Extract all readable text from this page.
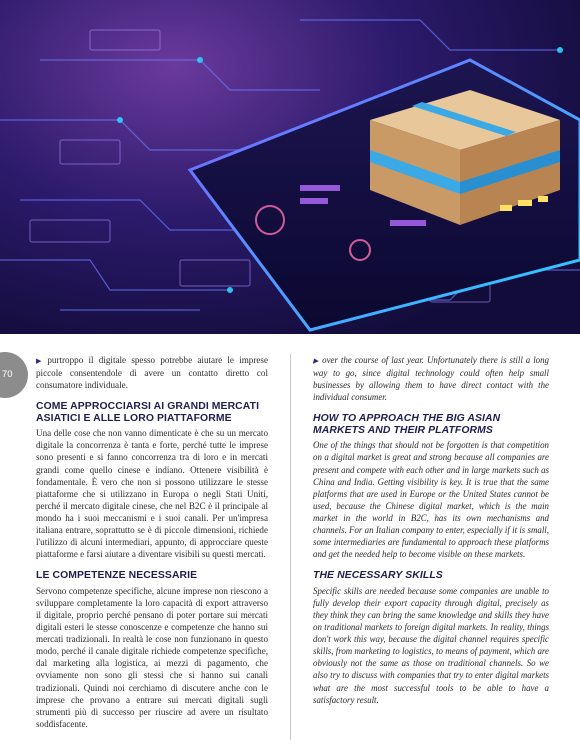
70

▶ purtroppo il digitale spesso potrebbe aiutare le imprese piccole consentendole di avere un contatto diretto col consumatore individuale.

COME APPROCCIARSI AI GRANDI MERCATI ASIATICI E ALLE LORO PIATTAFORME

Una delle cose che non vanno dimenticate è che su un mercato digitale la concorrenza è tanta e forte, perché tutte le imprese sono presenti e si fanno concorrenza tra di loro e in mercati grandi come quello cinese e indiano. Ottenere visibilità è fondamentale. È vero che non si possono utilizzare le stesse piattaforme che si utilizzano in Europa o negli Stati Uniti, perché il mercato digitale cinese, che nel B2C è il principale al mondo ha i suoi meccanismi e i suoi canali. Per un'impresa italiana entrare, soprattutto se è di piccole dimensioni, richiede l'utilizzo di alcuni intermediari, appunto, di approcciare queste piattaforme e farsi aiutare a diventare visibili su questi mercati.

LE COMPETENZE NECESSARIE

Servono competenze specifiche, alcune imprese non riescono a sviluppare completamente la loro capacità di export attraverso il digitale, proprio perché pensano di poter portare sui mercati digitali esteri le stesse conoscenze e competenze che hanno sui mercati tradizionali. In realtà le cose non funzionano in questo modo, perché il canale digitale richiede competenze specifiche, dal marketing alla logistica, ai mezzi di pagamento, che ovviamente non sono gli stessi che si hanno sui canali tradizionali. Quindi noi cerchiamo di discutere anche con le imprese che provano a entrare sui mercati digitali sugli strumenti più di successo per riuscire ad avere un risultato soddisfacente.

▶ over the course of last year. Unfortunately there is still a long way to go, since digital technology could often help small businesses by allowing them to have direct contact with the individual consumer.

HOW TO APPROACH THE BIG ASIAN MARKETS AND THEIR PLATFORMS

One of the things that should not be forgotten is that competition on a digital market is great and strong because all companies are present and compete with each other and in large markets such as China and India. Getting visibility is key. It is true that the same platforms that are used in Europe or the United States cannot be used, because the Chinese digital market, which is the main market in the world in B2C, has its own mechanisms and channels. For an Italian company to enter, especially if it is small, some intermediaries are fundamental to approach these platforms and get the needed help to become visible on these markets.

THE NECESSARY SKILLS

Specific skills are needed because some companies are unable to fully develop their export capacity through digital, precisely as they think they can bring the same knowledge and skills they have on traditional markets to foreign digital markets. In reality, things don't work this way, because the digital channel requires specific skills, from marketing to logistics, to means of payment, which are obviously not the same as those on traditional channels. So we also try to discuss with companies that try to enter digital markets what are the most successful tools to be able to have a satisfactory result.
